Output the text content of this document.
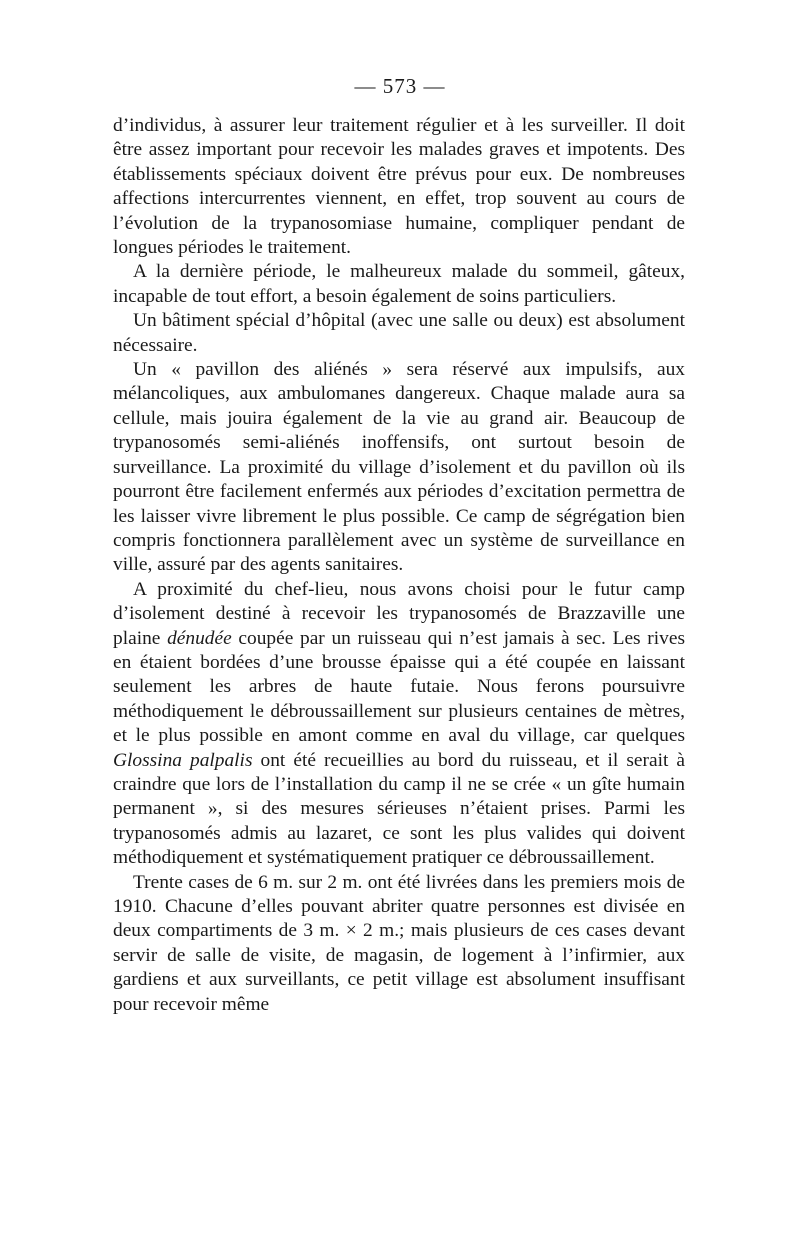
— 573 —

d’individus, à assurer leur traitement régulier et à les surveiller. Il doit être assez important pour recevoir les malades graves et impotents. Des établissements spéciaux doivent être prévus pour eux. De nombreuses affections intercurrentes viennent, en effet, trop souvent au cours de l’évolution de la trypanosomiase humaine, compliquer pendant de longues périodes le traitement.

A la dernière période, le malheureux malade du sommeil, gâteux, incapable de tout effort, a besoin également de soins particuliers.

Un bâtiment spécial d’hôpital (avec une salle ou deux) est absolument nécessaire.

Un « pavillon des aliénés » sera réservé aux impulsifs, aux mélancoliques, aux ambulomanes dangereux. Chaque malade aura sa cellule, mais jouira également de la vie au grand air. Beaucoup de trypanosomés semi-aliénés inoffensifs, ont surtout besoin de surveillance. La proximité du village d’isolement et du pavillon où ils pourront être facilement enfermés aux périodes d’excitation permettra de les laisser vivre librement le plus possible. Ce camp de ségrégation bien compris fonctionnera parallèlement avec un système de surveillance en ville, assuré par des agents sanitaires.

A proximité du chef-lieu, nous avons choisi pour le futur camp d’isolement destiné à recevoir les trypanosomés de Brazzaville une plaine dénudée coupée par un ruisseau qui n’est jamais à sec. Les rives en étaient bordées d’une brousse épaisse qui a été coupée en laissant seulement les arbres de haute futaie. Nous ferons poursuivre méthodiquement le débroussaillement sur plusieurs centaines de mètres, et le plus possible en amont comme en aval du village, car quelques Glossina palpalis ont été recueillies au bord du ruisseau, et il serait à craindre que lors de l’installation du camp il ne se crée « un gîte humain permanent », si des mesures sérieuses n’étaient prises. Parmi les trypanosomés admis au lazaret, ce sont les plus valides qui doivent méthodiquement et systématiquement pratiquer ce débroussaillement.

Trente cases de 6 m. sur 2 m. ont été livrées dans les premiers mois de 1910. Chacune d’elles pouvant abriter quatre personnes est divisée en deux compartiments de 3 m. × 2 m.; mais plusieurs de ces cases devant servir de salle de visite, de magasin, de logement à l’infirmier, aux gardiens et aux surveillants, ce petit village est absolument insuffisant pour recevoir même
